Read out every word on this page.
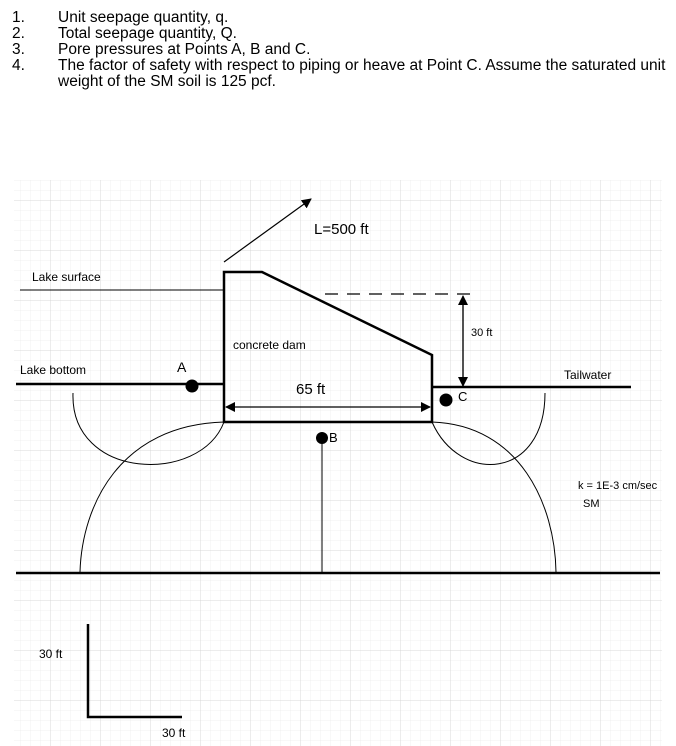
1. Unit seepage quantity, q.
2. Total seepage quantity, Q.
3. Pore pressures at Points A, B and C.
4. The factor of safety with respect to piping or heave at Point C. Assume the saturated unit weight of the SM soil is 125 pcf.
L=500 ft
Lake surface
concrete dam
30 ft
Lake bottom	Tailwater
65 ft
A
B
C
k = 1E-3 cm/sec
SM
30 ft
30 ft
